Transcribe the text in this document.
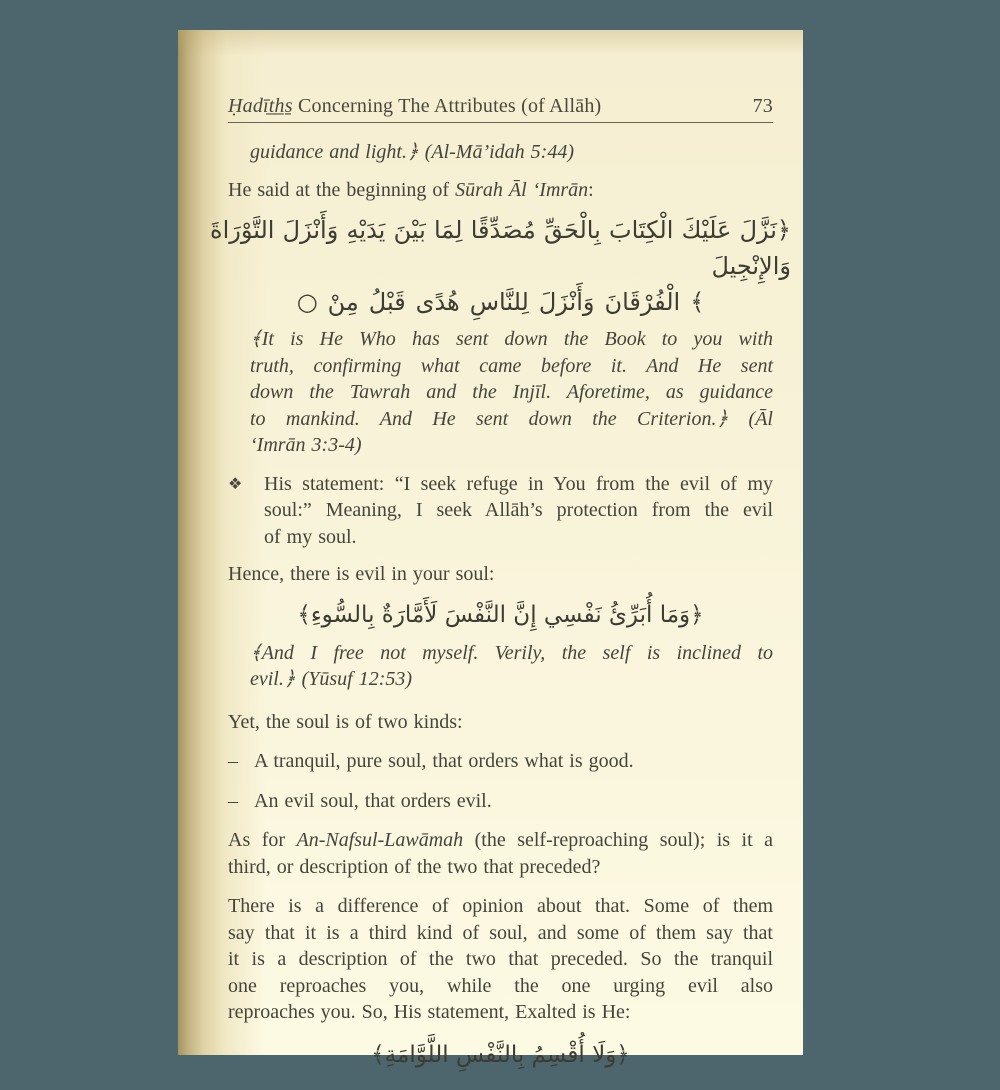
Ḥadīt̲h̲s̱ Concerning The Attributes (of Allāh)	73
guidance and light.﴿ (Al-Mā’idah 5:44)
He said at the beginning of Sūrah Āl ‘Imrān:
﴿نَزَّلَ عَلَيْكَ الْكِتَابَ بِالْحَقِّ مُصَدِّقًا لِمَا بَيْنَ يَدَيْهِ وَأَنْزَلَ التَّوْرَاةَ وَالإِنْجِيلَ
○ مِنْ قَبْلُ هُدًى لِلنَّاسِ وَأَنْزَلَ الْفُرْقَانَ ﴾
﴾It is He Who has sent down the Book to you with
truth, confirming what came before it. And He sent
down the Tawrah and the Injīl. Aforetime, as guidance
to mankind. And He sent down the Criterion.﴿ (Āl
‘Imrān 3:3-4)
❖	His statement: “I seek refuge in You from the evil of my
soul:” Meaning, I seek Allāh’s protection from the evil
of my soul.
Hence, there is evil in your soul:
﴿وَمَا أُبَرِّئُ نَفْسِي إِنَّ النَّفْسَ لَأَمَّارَةٌ بِالسُّوءِ﴾
﴾And I free not myself. Verily, the self is inclined to
evil.﴿ (Yūsuf 12:53)
Yet, the soul is of two kinds:
– A tranquil, pure soul, that orders what is good.
– An evil soul, that orders evil.
As for An-Nafsul-Lawāmah (the self-reproaching soul); is it a
third, or description of the two that preceded?
There is a difference of opinion about that. Some of them
say that it is a third kind of soul, and some of them say that
it is a description of the two that preceded. So the tranquil
one reproaches you, while the one urging evil also
reproaches you. So, His statement, Exalted is He:
﴿وَلَا أُقْسِمُ بِالنَّفْسِ اللَّوَّامَةِ﴾
